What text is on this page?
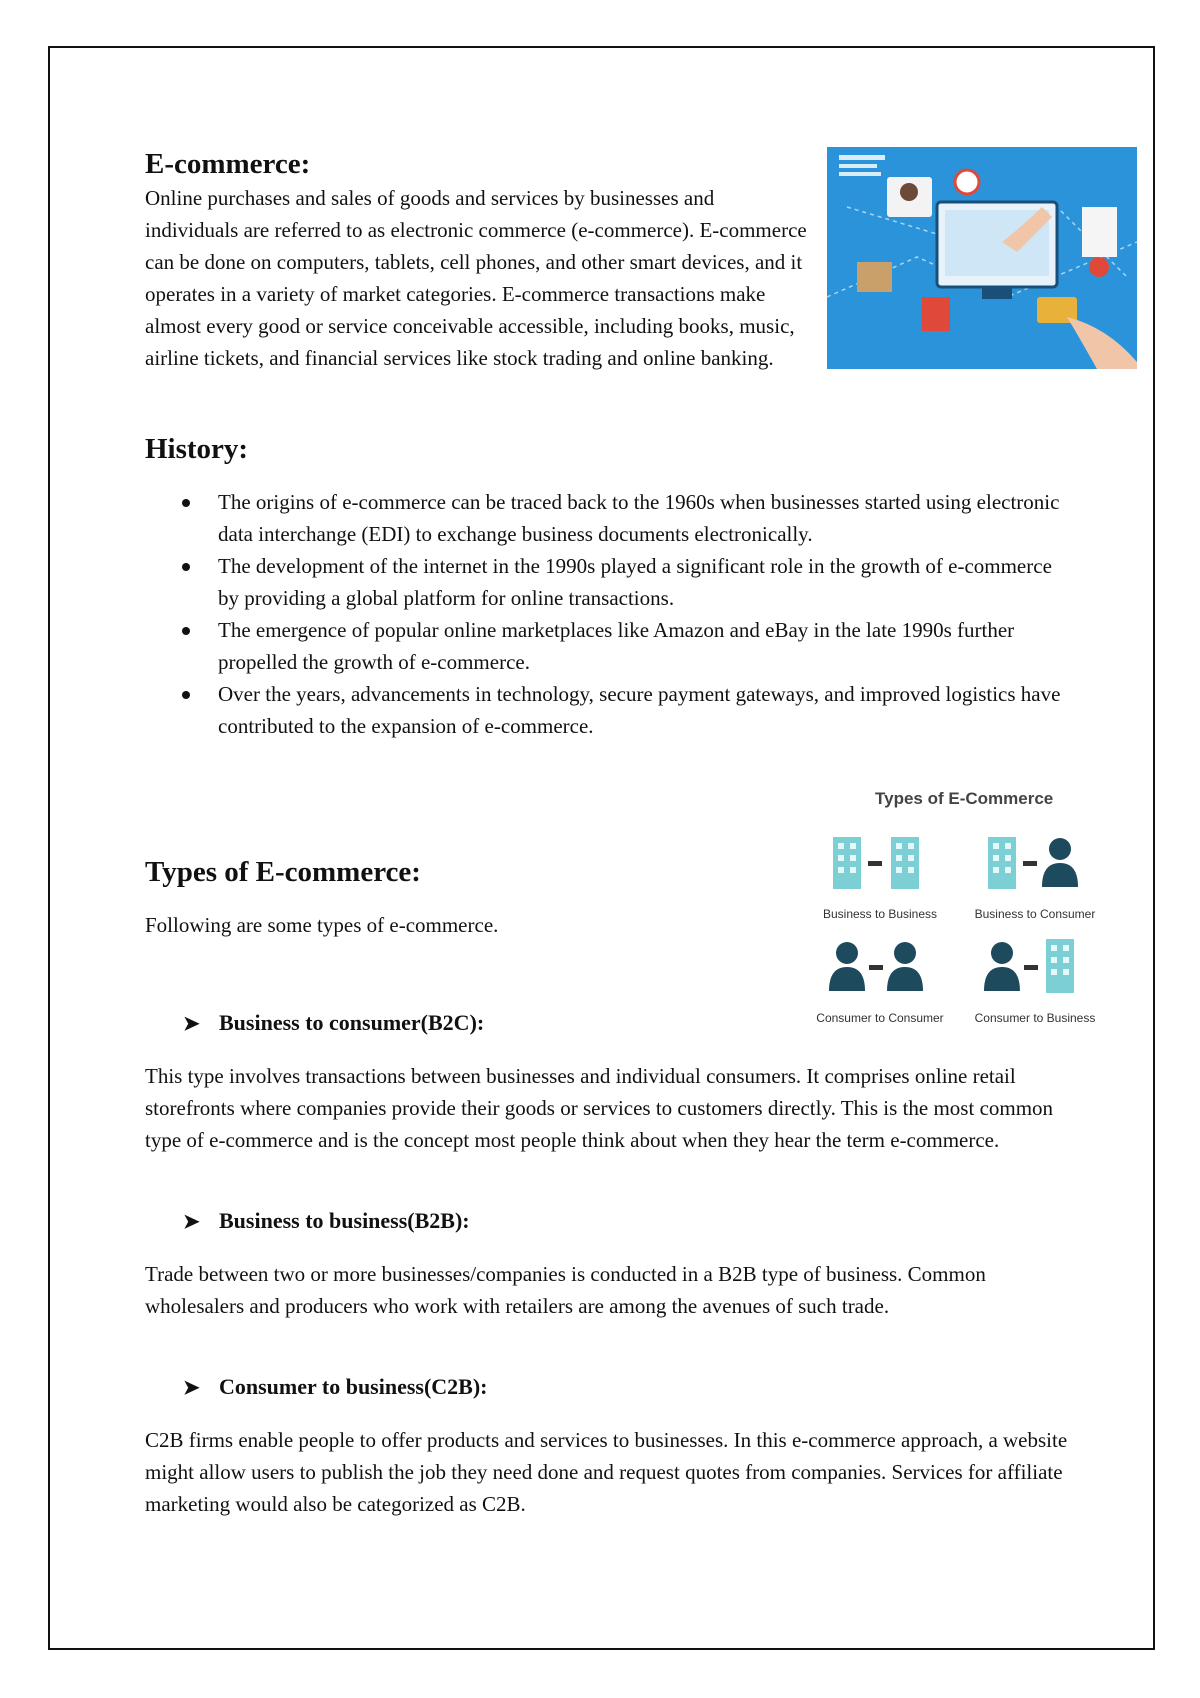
E-commerce:

Online purchases and sales of goods and services by businesses and individuals are referred to as electronic commerce (e-commerce). E-commerce can be done on computers, tablets, cell phones, and other smart devices, and it operates in a variety of market categories. E-commerce transactions make almost every good or service conceivable accessible, including books, music, airline tickets, and financial services like stock trading and online banking.

History:
The origins of e-commerce can be traced back to the 1960s when businesses started using electronic data interchange (EDI) to exchange business documents electronically.
The development of the internet in the 1990s played a significant role in the growth of e-commerce by providing a global platform for online transactions.
The emergence of popular online marketplaces like Amazon and eBay in the late 1990s further propelled the growth of e-commerce.
Over the years, advancements in technology, secure payment gateways, and improved logistics have contributed to the expansion of e-commerce.
Types of E-commerce:

Following are some types of e-commerce.

Types of E-Commerce
Business to Business	Business to Consumer
Consumer to Consumer	Consumer to Business
➤ Business to consumer(B2C):

This type involves transactions between businesses and individual consumers. It comprises online retail storefronts where companies provide their goods or services to customers directly. This is the most common type of e-commerce and is the concept most people think about when they hear the term e-commerce.

➤ Business to business(B2B):

Trade between two or more businesses/companies is conducted in a B2B type of business. Common wholesalers and producers who work with retailers are among the avenues of such trade.

➤ Consumer to business(C2B):

C2B firms enable people to offer products and services to businesses. In this e-commerce approach, a website might allow users to publish the job they need done and request quotes from companies. Services for affiliate marketing would also be categorized as C2B.
